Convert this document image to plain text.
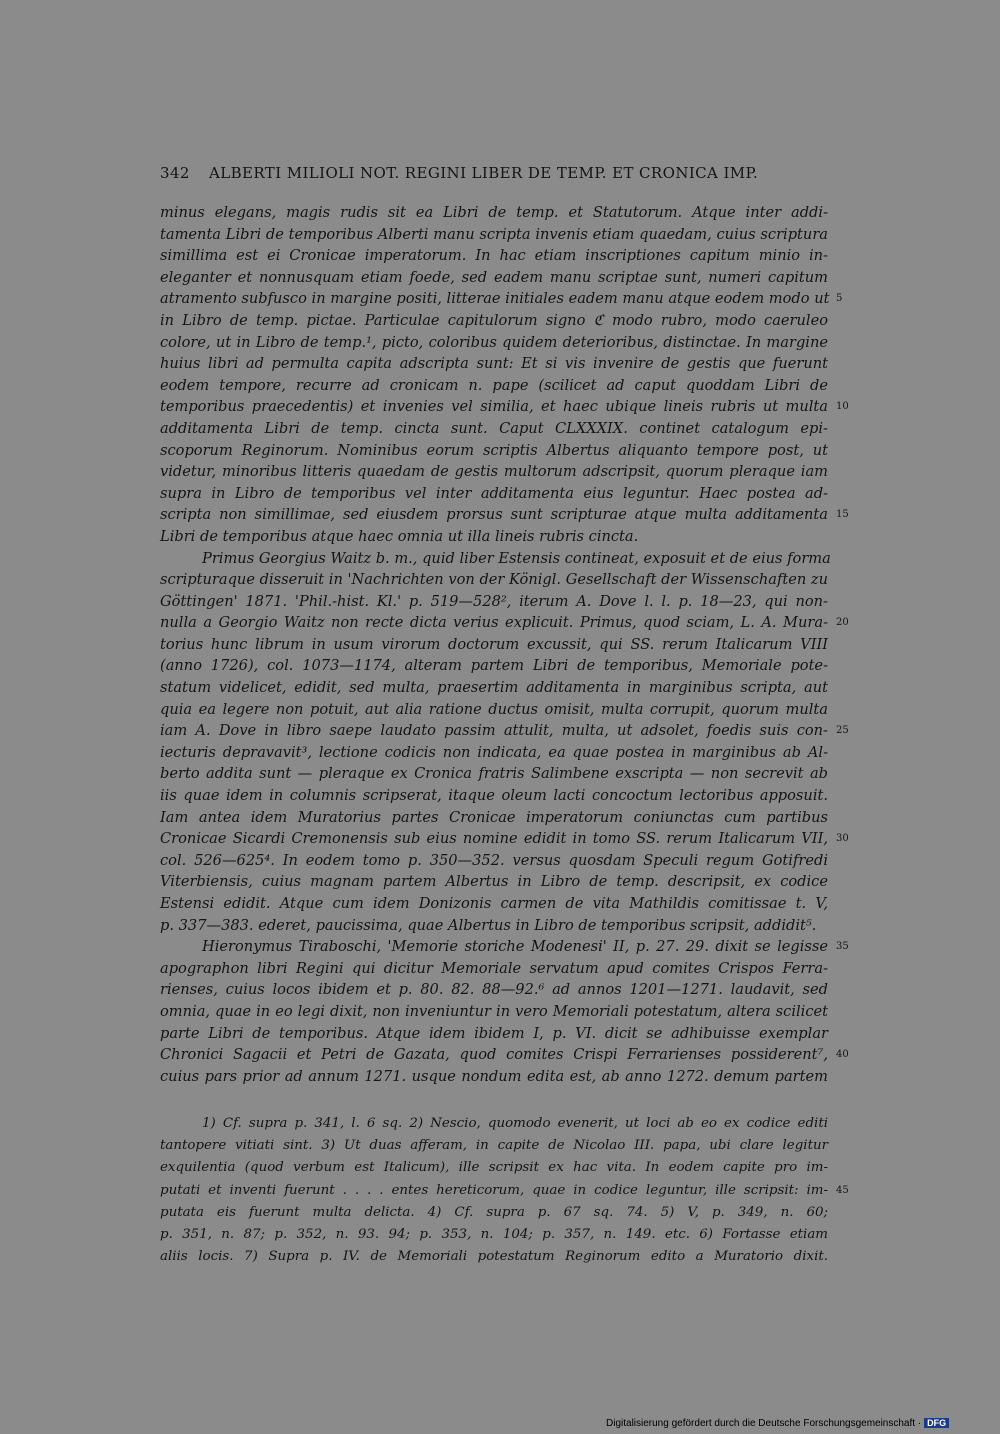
342 ALBERTI MILIOLI NOT. REGINI LIBER DE TEMP. ET CRONICA IMP.
minus elegans, magis rudis sit ea Libri de temp. et Statutorum. Atque inter addi-
tamenta Libri de temporibus Alberti manu scripta invenis etiam quaedam, cuius scriptura
simillima est ei Cronicae imperatorum. In hac etiam inscriptiones capitum minio in-
eleganter et nonnusquam etiam foede, sed eadem manu scriptae sunt, numeri capitum
atramento subfusco in margine positi, litterae initiales eadem manu atque eodem modo ut 5
in Libro de temp. pictae. Particulae capitulorum signo ℭ modo rubro, modo caeruleo
colore, ut in Libro de temp.¹, picto, coloribus quidem deterioribus, distinctae. In margine
huius libri ad permulta capita adscripta sunt: Et si vis invenire de gestis que fuerunt
eodem tempore, recurre ad cronicam n. pape (scilicet ad caput quoddam Libri de
temporibus praecedentis) et invenies vel similia, et haec ubique lineis rubris ut multa 10
additamenta Libri de temp. cincta sunt. Caput CLXXXIX. continet catalogum epi-
scoporum Reginorum. Nominibus eorum scriptis Albertus aliquanto tempore post, ut
videtur, minoribus litteris quaedam de gestis multorum adscripsit, quorum pleraque iam
supra in Libro de temporibus vel inter additamenta eius leguntur. Haec postea ad-
scripta non simillimae, sed eiusdem prorsus sunt scripturae atque multa additamenta 15
Libri de temporibus atque haec omnia ut illa lineis rubris cincta.
Primus Georgius Waitz b. m., quid liber Estensis contineat, exposuit et de eius forma
scripturaque disseruit in 'Nachrichten von der Königl. Gesellschaft der Wissenschaften zu
Göttingen' 1871. 'Phil.-hist. Kl.' p. 519—528², iterum A. Dove l. l. p. 18—23, qui non-
nulla a Georgio Waitz non recte dicta verius explicuit. Primus, quod sciam, L. A. Mura- 20
torius hunc librum in usum virorum doctorum excussit, qui SS. rerum Italicarum VIII
(anno 1726), col. 1073—1174, alteram partem Libri de temporibus, Memoriale pote-
statum videlicet, edidit, sed multa, praesertim additamenta in marginibus scripta, aut
quia ea legere non potuit, aut alia ratione ductus omisit, multa corrupit, quorum multa
iam A. Dove in libro saepe laudato passim attulit, multa, ut adsolet, foedis suis con- 25
iecturis depravavit³, lectione codicis non indicata, ea quae postea in marginibus ab Al-
berto addita sunt — pleraque ex Cronica fratris Salimbene exscripta — non secrevit ab
iis quae idem in columnis scripserat, itaque oleum lacti concoctum lectoribus apposuit.
Iam antea idem Muratorius partes Cronicae imperatorum coniunctas cum partibus
Cronicae Sicardi Cremonensis sub eius nomine edidit in tomo SS. rerum Italicarum VII, 30
col. 526—625⁴. In eodem tomo p. 350—352. versus quosdam Speculi regum Gotifredi
Viterbiensis, cuius magnam partem Albertus in Libro de temp. descripsit, ex codice
Estensi edidit. Atque cum idem Donizonis carmen de vita Mathildis comitissae t. V,
p. 337—383. ederet, paucissima, quae Albertus in Libro de temporibus scripsit, addidit⁵.
Hieronymus Tiraboschi, 'Memorie storiche Modenesi' II, p. 27. 29. dixit se legisse 35
apographon libri Regini qui dicitur Memoriale servatum apud comites Crispos Ferra-
rienses, cuius locos ibidem et p. 80. 82. 88—92.⁶ ad annos 1201—1271. laudavit, sed
omnia, quae in eo legi dixit, non inveniuntur in vero Memoriali potestatum, altera scilicet
parte Libri de temporibus. Atque idem ibidem I, p. VI. dicit se adhibuisse exemplar
Chronici Sagacii et Petri de Gazata, quod comites Crispi Ferrarienses possiderent⁷, 40
cuius pars prior ad annum 1271. usque nondum edita est, ab anno 1272. demum partem
1) Cf. supra p. 341, l. 6 sq. 2) Nescio, quomodo evenerit, ut loci ab eo ex codice editi
tantopere vitiati sint. 3) Ut duas afferam, in capite de Nicolao III. papa, ubi clare legitur
exquilentia (quod verbum est Italicum), ille scripsit ex hac vita. In eodem capite pro im-
putati et inventi fuerunt . . . . entes hereticorum, quae in codice leguntur, ille scripsit: im- 45
putata eis fuerunt multa delicta. 4) Cf. supra p. 67 sq. 74. 5) V, p. 349, n. 60;
p. 351, n. 87; p. 352, n. 93. 94; p. 353, n. 104; p. 357, n. 149. etc. 6) Fortasse etiam
aliis locis. 7) Supra p. IV. de Memoriali potestatum Reginorum edito a Muratorio dixit.
Digitalisierung gefördert durch die Deutsche Forschungsgemeinschaft · DFG
